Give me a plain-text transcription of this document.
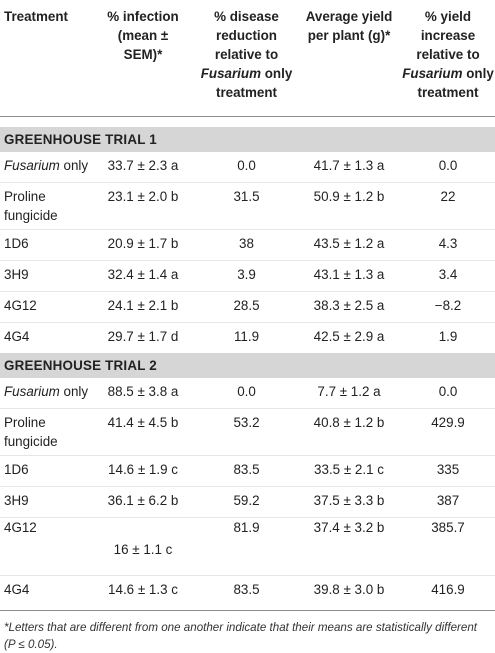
Treatment	% infection
(mean ±
SEM)*	% disease
reduction
relative to
Fusarium only
treatment	Average yield
per plant (g)*	% yield
increase
relative to
Fusarium only
treatment

GREENHOUSE TRIAL 1				
Fusarium only	33.7 ± 2.3 a	0.0	41.7 ± 1.3 a	0.0
Proline
fungicide	23.1 ± 2.0 b	31.5	50.9 ± 1.2 b	22
1D6	20.9 ± 1.7 b	38	43.5 ± 1.2 a	4.3
3H9	32.4 ± 1.4 a	3.9	43.1 ± 1.3 a	3.4
4G12	24.1 ± 2.1 b	28.5	38.3 ± 2.5 a	−8.2
4G4	29.7 ± 1.7 d	11.9	42.5 ± 2.9 a	1.9
GREENHOUSE TRIAL 2				
Fusarium only	88.5 ± 3.8 a	0.0	7.7 ± 1.2 a	0.0
Proline
fungicide	41.4 ± 4.5 b	53.2	40.8 ± 1.2 b	429.9
1D6	14.6 ± 1.9 c	83.5	33.5 ± 2.1 c	335
3H9	36.1 ± 6.2 b	59.2	37.5 ± 3.3 b	387
4G12	16 ± 1.1 c	81.9	37.4 ± 3.2 b	385.7
4G4	14.6 ± 1.3 c	83.5	39.8 ± 3.0 b	416.9
*Letters that are different from one another indicate that their means are statistically different (P ≤ 0.05).
